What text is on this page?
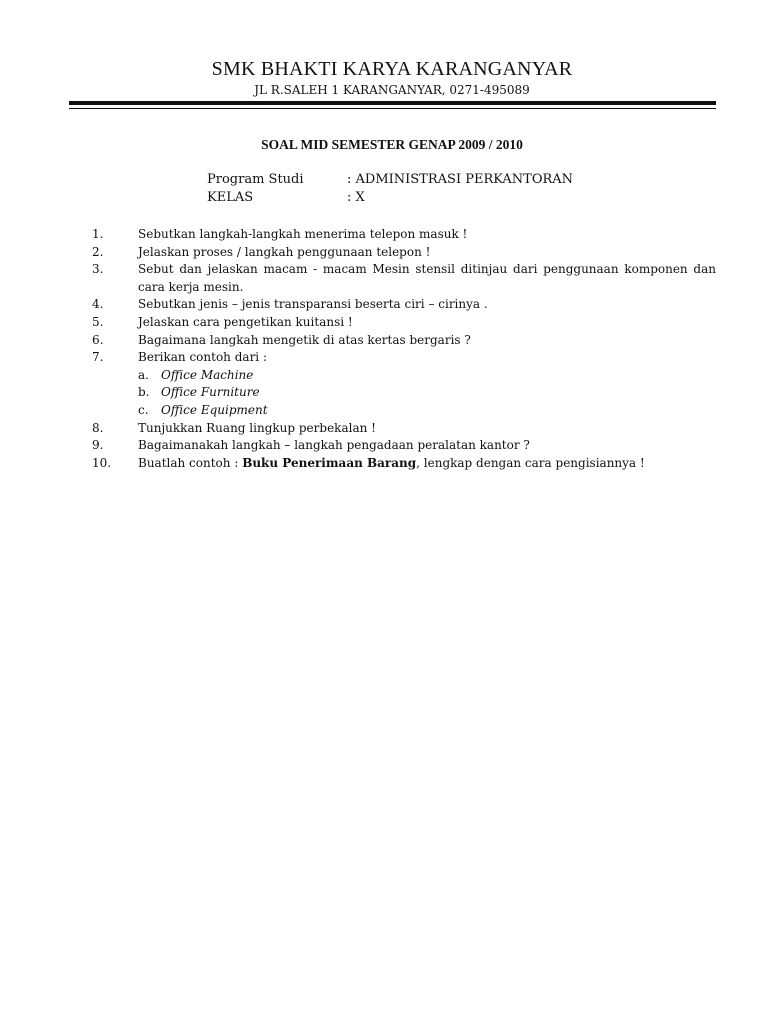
SMK BHAKTI KARYA KARANGANYAR
JL R.SALEH 1 KARANGANYAR, 0271-495089
SOAL MID SEMESTER GENAP 2009 / 2010
Program Studi	: ADMINISTRASI PERKANTORAN
KELAS	: X
1.	Sebutkan langkah-langkah menerima telepon masuk !
2.	Jelaskan proses / langkah penggunaan telepon !
3.	Sebut dan jelaskan macam - macam Mesin stensil ditinjau dari penggunaan komponen dan cara kerja mesin.
4.	Sebutkan jenis – jenis transparansi beserta ciri – cirinya .
5.	Jelaskan cara pengetikan kuitansi !
6.	Bagaimana langkah mengetik di atas kertas bergaris ?
7.	Berikan contoh dari :
a. Office Machine
b. Office Furniture
c. Office Equipment
8.	Tunjukkan Ruang lingkup perbekalan !
9.	Bagaimanakah langkah – langkah pengadaan peralatan kantor ?
10. Buatlah contoh : Buku Penerimaan Barang, lengkap dengan cara pengisiannya !
